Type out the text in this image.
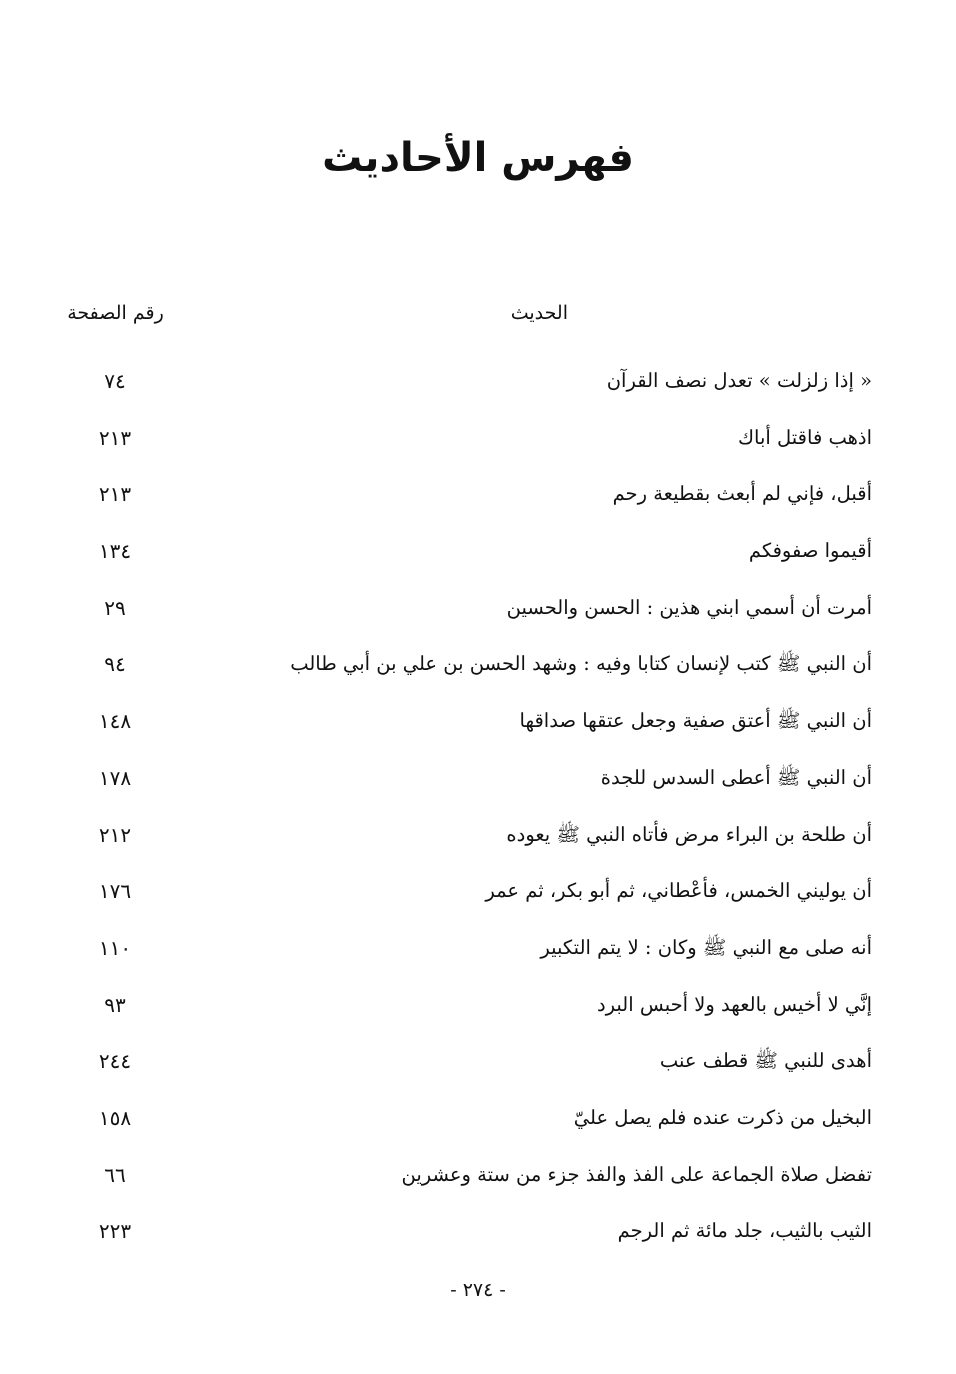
فهرس الأحاديث
الحديث
رقم الصفحة
« إذا زلزلت » تعدل نصف القرآن
٧٤
اذهب فاقتل أباك
٢١٣
أقبل، فإني لم أبعث بقطيعة رحم
٢١٣
أقيموا صفوفكم
١٣٤
أمرت أن أسمي ابني هذين : الحسن والحسين
٢٩
أن النبي ﷺ كتب لإنسان كتابا وفيه : وشهد الحسن بن علي بن أبي طالب
٩٤
أن النبي ﷺ أعتق صفية وجعل عتقها صداقها
١٤٨
أن النبي ﷺ أعطى السدس للجدة
١٧٨
أن طلحة بن البراء مرض فأتاه النبي ﷺ يعوده
٢١٢
أن يوليني الخمس، فأعْطاني، ثم أبو بكر، ثم عمر
١٧٦
أنه صلى مع النبي ﷺ وكان : لا يتم التكبير
١١٠
إنَّي لا أخيس بالعهد ولا أحبس البرد
٩٣
أهدى للنبي ﷺ قطف عنب
٢٤٤
البخيل من ذكرت عنده فلم يصل عليّ
١٥٨
تفضل صلاة الجماعة على الفذ والفذ جزء من ستة وعشرين
٦٦
الثيب بالثيب، جلد مائة ثم الرجم
٢٢٣
- ٢٧٤ -
